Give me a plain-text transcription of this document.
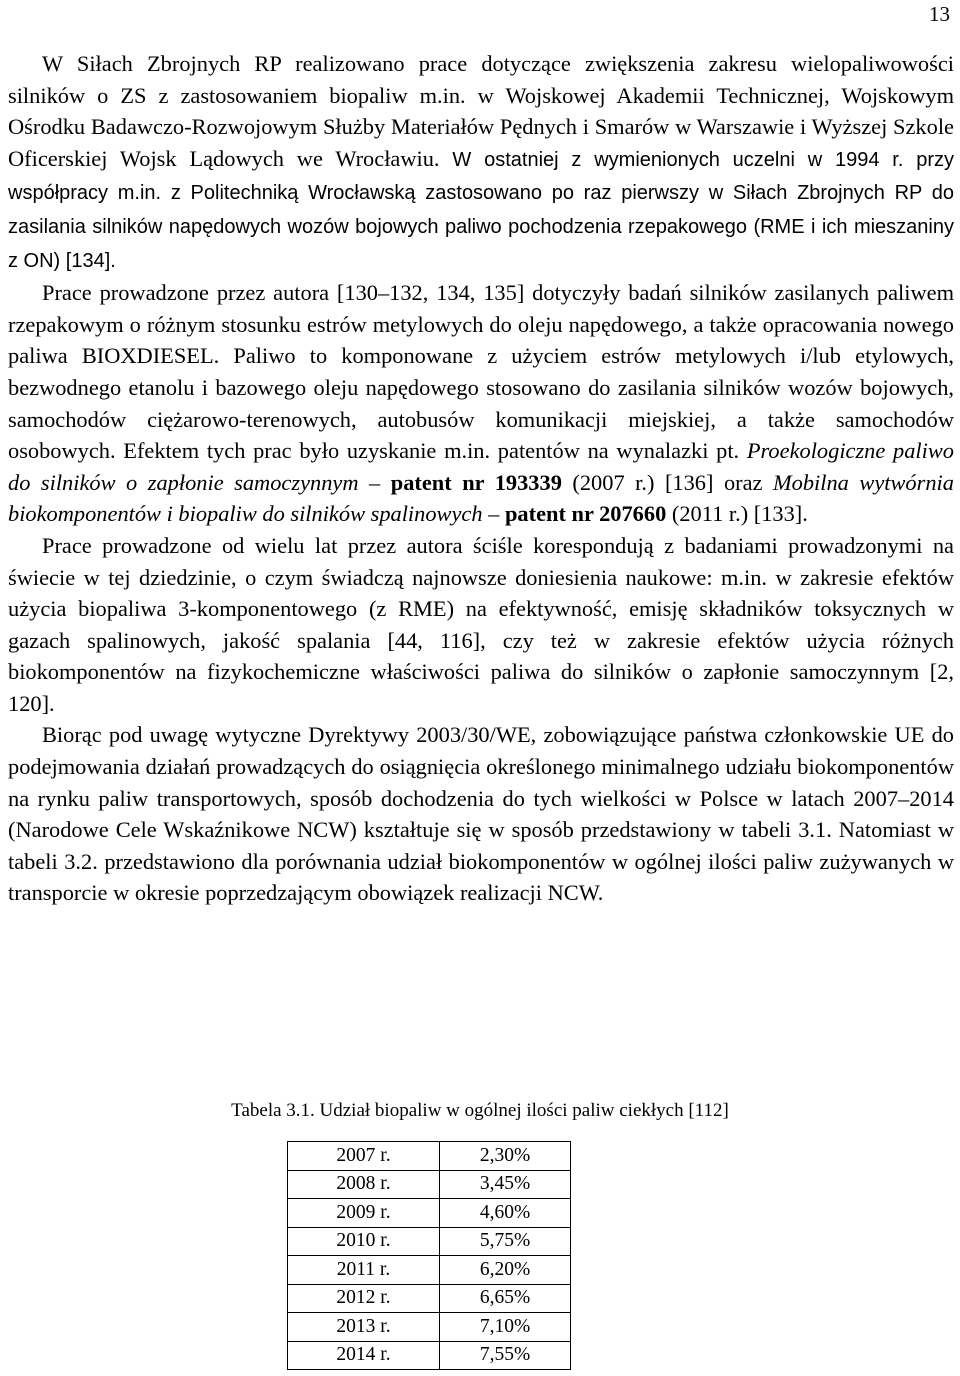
13

W Siłach Zbrojnych RP realizowano prace dotyczące zwiększenia zakresu wielopaliwowości silników o ZS z zastosowaniem biopaliw m.in. w Wojskowej Akademii Technicznej, Wojskowym Ośrodku Badawczo-Rozwojowym Służby Materiałów Pędnych i Smarów w Warszawie i Wyższej Szkole Oficerskiej Wojsk Lądowych we Wrocławiu. W ostatniej z wymienionych uczelni w 1994 r. przy współpracy m.in. z Politechniką Wrocławską zastosowano po raz pierwszy w Siłach Zbrojnych RP do zasilania silników napędowych wozów bojowych paliwo pochodzenia rzepakowego (RME i ich mieszaniny z ON) [134].

Prace prowadzone przez autora [130–132, 134, 135] dotyczyły badań silników zasilanych paliwem rzepakowym o różnym stosunku estrów metylowych do oleju napędowego, a także opracowania nowego paliwa BIOXDIESEL. Paliwo to komponowane z użyciem estrów metylowych i/lub etylowych, bezwodnego etanolu i bazowego oleju napędowego stosowano do zasilania silników wozów bojowych, samochodów ciężarowo-terenowych, autobusów komunikacji miejskiej, a także samochodów osobowych. Efektem tych prac było uzyskanie m.in. patentów na wynalazki pt. Proekologiczne paliwo do silników o zapłonie samoczynnym – patent nr 193339 (2007 r.) [136] oraz Mobilna wytwórnia biokomponentów i biopaliw do silników spalinowych – patent nr 207660 (2011 r.) [133].

Prace prowadzone od wielu lat przez autora ściśle korespondują z badaniami prowadzonymi na świecie w tej dziedzinie, o czym świadczą najnowsze doniesienia naukowe: m.in. w zakresie efektów użycia biopaliwa 3-komponentowego (z RME) na efektywność, emisję składników toksycznych w gazach spalinowych, jakość spalania [44, 116], czy też w zakresie efektów użycia różnych biokomponentów na fizykochemiczne właściwości paliwa do silników o zapłonie samoczynnym [2, 120].

Biorąc pod uwagę wytyczne Dyrektywy 2003/30/WE, zobowiązujące państwa członkowskie UE do podejmowania działań prowadzących do osiągnięcia określonego minimalnego udziału biokomponentów na rynku paliw transportowych, sposób dochodzenia do tych wielkości w Polsce w latach 2007–2014 (Narodowe Cele Wskaźnikowe NCW) kształtuje się w sposób przedstawiony w tabeli 3.1. Natomiast w tabeli 3.2. przedstawiono dla porównania udział biokomponentów w ogólnej ilości paliw zużywanych w transporcie w okresie poprzedzającym obowiązek realizacji NCW.

Tabela 3.1. Udział biopaliw w ogólnej ilości paliw ciekłych [112]
2007 r.	2,30%
2008 r.	3,45%
2009 r.	4,60%
2010 r.	5,75%
2011 r.	6,20%
2012 r.	6,65%
2013 r.	7,10%
2014 r.	7,55%
